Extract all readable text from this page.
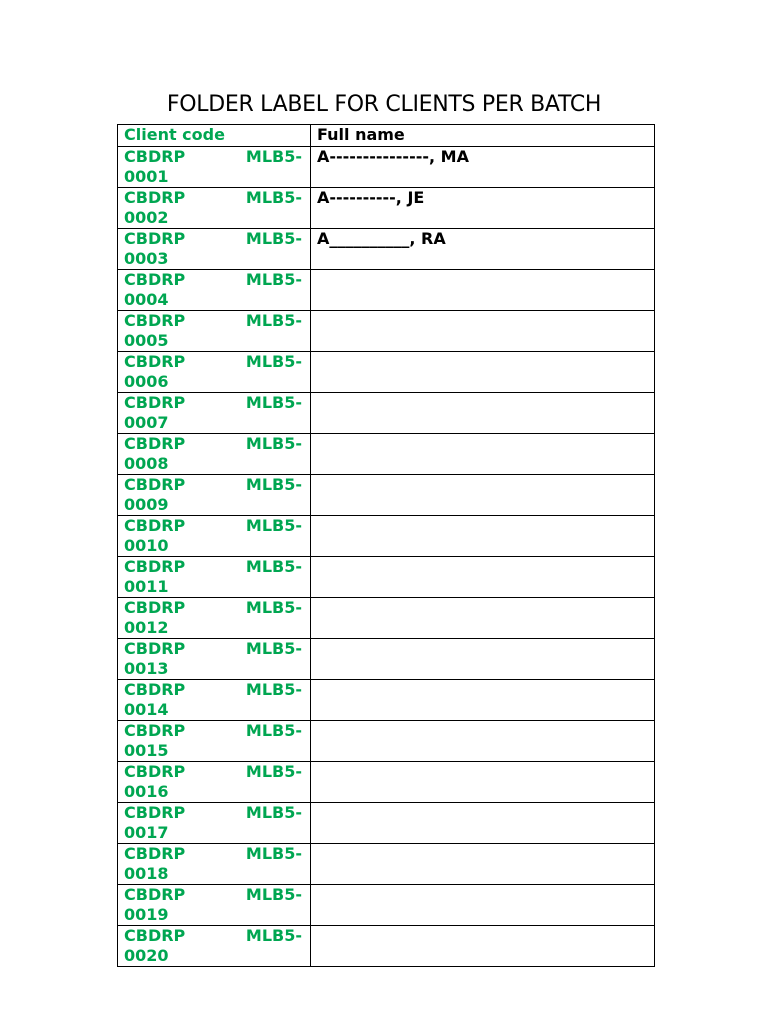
FOLDER LABEL FOR CLIENTS PER BATCH
Client code	Full name

CBDRP MLB5-
0001	A---------------, MA

CBDRP MLB5-
0002	A----------, JE

CBDRP MLB5-
0003	A__________, RA

CBDRP MLB5-
0004	

CBDRP MLB5-
0005	

CBDRP MLB5-
0006	

CBDRP MLB5-
0007	

CBDRP MLB5-
0008	

CBDRP MLB5-
0009	

CBDRP MLB5-
0010	

CBDRP MLB5-
0011	

CBDRP MLB5-
0012	

CBDRP MLB5-
0013	

CBDRP MLB5-
0014	

CBDRP MLB5-
0015	

CBDRP MLB5-
0016	

CBDRP MLB5-
0017	

CBDRP MLB5-
0018	

CBDRP MLB5-
0019	

CBDRP MLB5-
0020	
